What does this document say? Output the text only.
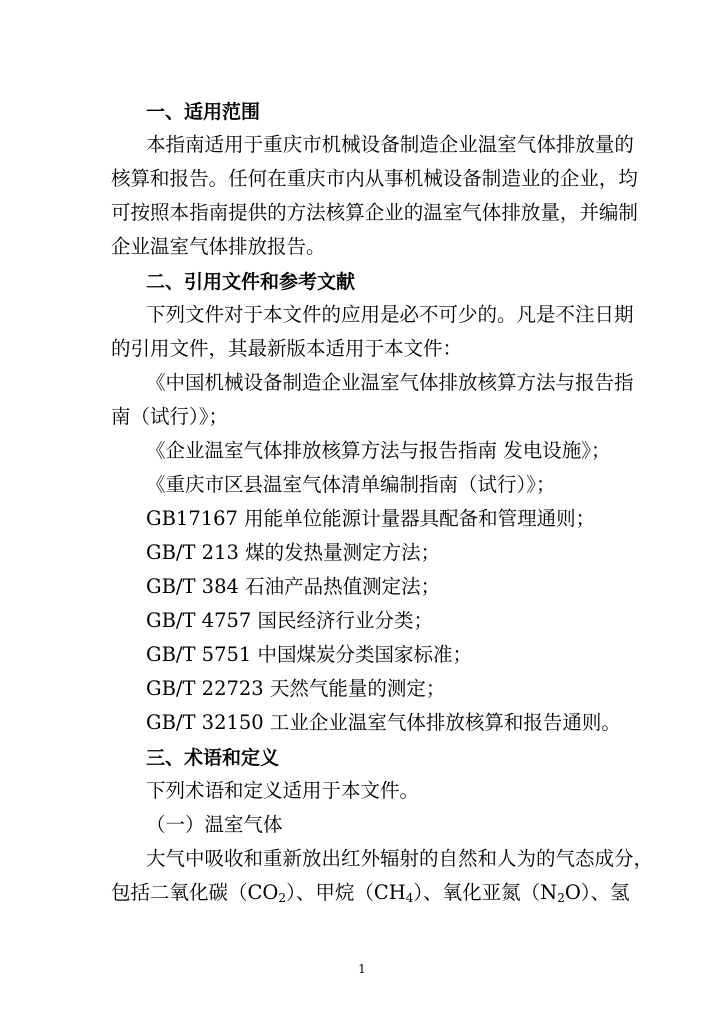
一、适用范围
本 指 南 适 用 于 重 庆 市 机 械 设 备 制 造 企 业 温 室 气 体 排 放 量 的
核 算 和 报 告 。 任 何 在 重 庆 市 内 从 事 机 械 设 备 制 造 业 的 企 业 ， 均
可 按 照 本 指 南 提 供 的 方 法 核 算 企 业 的 温 室 气 体 排 放 量 ， 并 编 制
企业温室气体排放报告。
二、引用文件和参考文献
下列文件对于本文件的应用是必不可少的。凡是不注日期
的引用文件，其最新版本适用于本文件：
《中国机械设备制造企业温室气体排放核算方法与报告指
南（试行）》；
《企业温室气体排放核算方法与报告指南 发电设施》；
《重庆市区县温室气体清单编制指南（试行）》；
GB17167 用能单位能源计量器具配备和管理通则；
GB/T 213 煤的发热量测定方法；
GB/T 384 石油产品热值测定法；
GB/T 4757 国民经济行业分类；
GB/T 5751 中国煤炭分类国家标准；
GB/T 22723 天然气能量的测定；
GB/T 32150 工业企业温室气体排放核算和报告通则。
三、术语和定义
下列术语和定义适用于本文件。
（一）温室气体
大气中吸收和重新放出红外辐射的自然和人为的气态成分，
包括二氧化碳$(CO_2)$、甲烷$(CH_4)$、氧化亚氮$(N_2O)$、氢
1
